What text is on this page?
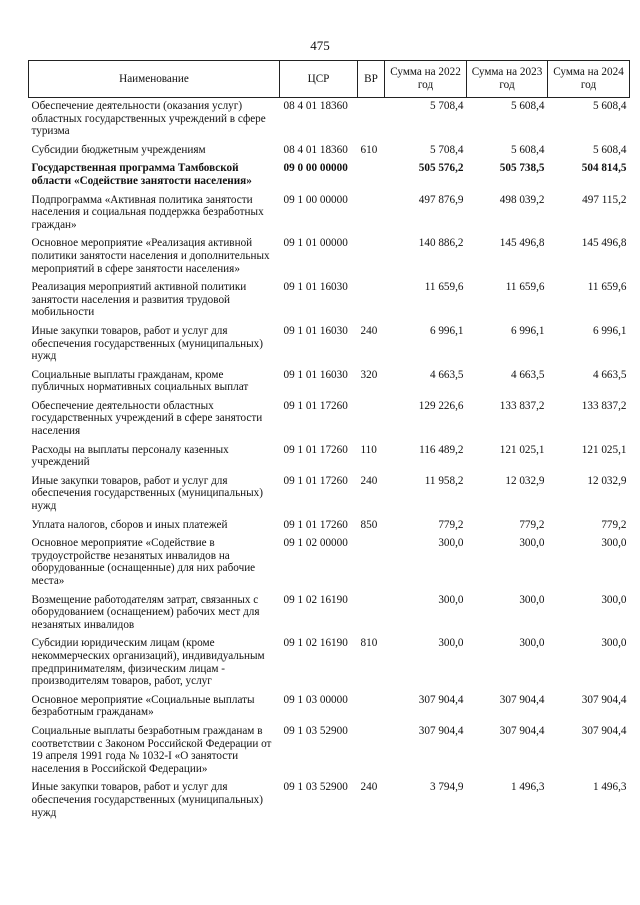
475
Наименование	ЦСР	ВР	Сумма на 2022 год	Сумма на 2023 год	Сумма на 2024 год
Обеспечение деятельности (оказания услуг) областных государственных учреждений в сфере туризма	08 4 01 18360		5 708,4	5 608,4	5 608,4
Субсидии бюджетным учреждениям	08 4 01 18360	610	5 708,4	5 608,4	5 608,4
Государственная программа Тамбовской области «Содействие занятости населения»	09 0 00 00000		505 576,2	505 738,5	504 814,5
Подпрограмма «Активная политика занятости населения и социальная поддержка безработных граждан»	09 1 00 00000		497 876,9	498 039,2	497 115,2
Основное мероприятие «Реализация активной политики занятости населения и дополнительных мероприятий в сфере занятости населения»	09 1 01 00000		140 886,2	145 496,8	145 496,8
Реализация мероприятий активной политики занятости населения и развития трудовой мобильности	09 1 01 16030		11 659,6	11 659,6	11 659,6
Иные закупки товаров, работ и услуг для обеспечения государственных (муниципальных) нужд	09 1 01 16030	240	6 996,1	6 996,1	6 996,1
Социальные выплаты гражданам, кроме публичных нормативных социальных выплат	09 1 01 16030	320	4 663,5	4 663,5	4 663,5
Обеспечение деятельности областных государственных учреждений в сфере занятости населения	09 1 01 17260		129 226,6	133 837,2	133 837,2
Расходы на выплаты персоналу казенных учреждений	09 1 01 17260	110	116 489,2	121 025,1	121 025,1
Иные закупки товаров, работ и услуг для обеспечения государственных (муниципальных) нужд	09 1 01 17260	240	11 958,2	12 032,9	12 032,9
Уплата налогов, сборов и иных платежей	09 1 01 17260	850	779,2	779,2	779,2
Основное мероприятие «Содействие в трудоустройстве незанятых инвалидов на оборудованные (оснащенные) для них рабочие места»	09 1 02 00000		300,0	300,0	300,0
Возмещение работодателям затрат, связанных с оборудованием (оснащением) рабочих мест для незанятых инвалидов	09 1 02 16190		300,0	300,0	300,0
Субсидии юридическим лицам (кроме некоммерческих организаций), индивидуальным предпринимателям, физическим лицам - производителям товаров, работ, услуг	09 1 02 16190	810	300,0	300,0	300,0
Основное мероприятие «Социальные выплаты безработным гражданам»	09 1 03 00000		307 904,4	307 904,4	307 904,4
Социальные выплаты безработным гражданам в соответствии с Законом Российской Федерации от 19 апреля 1991 года № 1032-I «О занятости населения в Российской Федерации»	09 1 03 52900		307 904,4	307 904,4	307 904,4
Иные закупки товаров, работ и услуг для обеспечения государственных (муниципальных) нужд	09 1 03 52900	240	3 794,9	1 496,3	1 496,3
